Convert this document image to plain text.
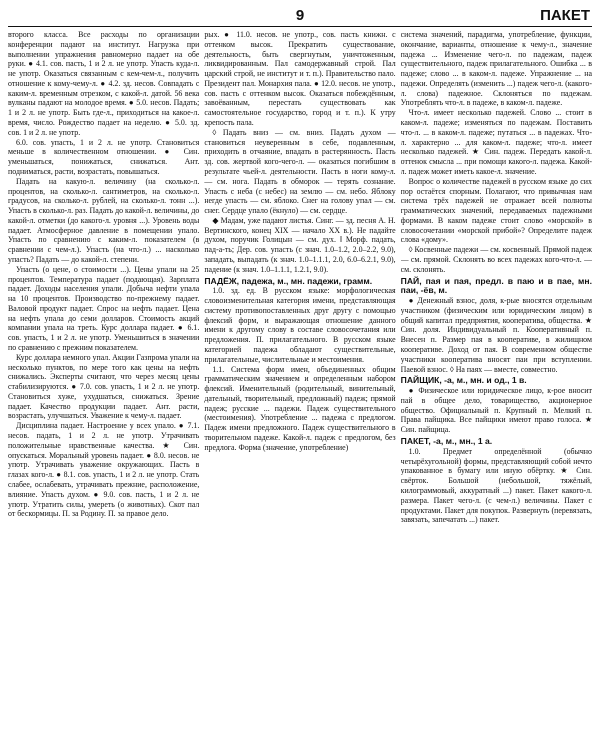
9	ПАКЕТ

второго класса. Все расходы по организации конференции падают на институт. Нагрузка при выполнении упражнения равномерно падает на обе руки. ● 4.1. сов. пасть, 1 и 2 л. не употр. Упасть куда-л. не употр. Оказаться связанным с кем-чем-л., получить отношение к кому-чему-л. ● 4.2. зд. несов. Совпадать с каким-л. временным отрезком, с какой-л. датой. 56 века вулканы падают на молодое время. ● 5.0. несов. Падать; 1 и 2 л. не употр. Быть где-л., приходиться на какое-л. время, число. Рождество падает на неделю. ● 5.0. зд. сов. 1 и 2 л. не употр.

6.0. сов. упасть, 1 и 2 л. не употр. Становиться меньше в количественном отношении. ● Син. уменьшаться, понижаться, снижаться. Ант. подниматься, расти, возрастать, повышаться.

Падать на какую-л. величину (на сколько-л. процентов, на сколько-л. сантиметров, на сколько-л. градусов, на сколько-л. рублей, на сколько-л. тонн ...). Упасть в сколько-л. раз. Падать до какой-л. величины, до какой-л. отметки (до какого-л. уровня ...). Уровень воды падает. Атмосферное давление в помещении упало. Упасть по сравнению с каким-л. показателем (в сравнении с чем-л.). Упасть (на что-л.) ... насколько упасть? Падать — до какой-л. степени.

Упасть (о цене, о стоимости ...). Цены упали на 25 процентов. Температура падает (подающая). Зарплата падает. Доходы населения упали. Добыча нефти упала на 10 процентов. Производство по-прежнему падает. Валовой продукт падает. Спрос на нефть падает. Цена на нефть упала до семи долларов. Стоимость акций компании упала на треть. Курс доллара падает. ● 6.1. сов. упасть, 1 и 2 л. не употр. Уменьшиться в значении по сравнению с прежним показателем.

Курс доллара немного упал. Акции Газпрома упали на несколько пунктов, по мере того как цены на нефть снижались. Эксперты считают, что через месяц цены стабилизируются. ● 7.0. сов. упасть, 1 и 2 л. не употр. Становиться хуже, ухудшаться, снижаться. Зрение падает. Качество продукции падает. Ант. расти, возрастать, улучшаться. Уважение к чему-л. падает.

Дисциплина падает. Настроение у всех упало. ● 7.1. несов. падать, 1 и 2 л. не употр. Утрачивать положительные нравственные качества. ★ Син. опускаться. Моральный уровень падает. ● 8.0. несов. не употр. Утрачивать уважение окружающих. Пасть в глазах кого-л. ● 8.1. сов. упасть, 1 и 2 л. не употр. Стать слабее, ослабевать, утрачивать прежние, расположение, влияние. Упасть духом. ● 9.0. сов. пасть, 1 и 2 л. не употр. Утратить силы, умереть (о животных). Скот пал от бескормицы. П. за Родину. П. за правое дело.

рых. ● 11.0. несов. не употр., сов. пасть книжн. с оттенком высок. Прекратить существование, деятельность, быть свергнутым, уничтоженным, ликвидированным. Пал самодержавный строй. Пал царский строй, не институт и т. п.). Правительство пало. Президент пал. Монархия пала. ● 12.0. несов. не употр., сов. пасть с оттенком высок. Оказаться побеждённым, завоёванным, перестать существовать как самостоятельное государство, город и т. п.). К утру крепость пала.

◊ Падать вниз — см. вниз. Падать духом — становиться неуверенным в себе, подавленным, приходить в отчаяние, впадать в растерянность. Пасть зд. сов. жертвой кого-чего-л. — оказаться погибшим в результате чьей-л. деятельности. Пасть в ноги кому-л. — см. нога. Падать в обморок — терять сознание. Упасть с неба (с небес) на землю — см. небо. Яблоку негде упасть — см. яблоко. Снег на голову упал — см. снег. Сердце упало (ёкнуло) — см. сердце.

◆ Мадам, уже падают листья. Синг. — зд. песня А. Н. Вертинского, конец XIX — начало XX в.). Не падайте духом, поручик Голицын — см. дух. ‖ Морф. падать, пад-а-ть; Дер. сов. упасть (с знач. 1.0–1.2, 2.0–2.2, 9.0), западать, выпадать (к знач. 1.0–1.1.1, 2.0, 6.0–6.2.1, 9.0), падение (к знач. 1.0–1.1.1, 1.2.1, 9.0).

ПАДЁЖ, падежа, м., мн. падежи, грамм.

1.0. зд. ед. В русском языке: морфологическая словоизменительная категория имени, представляющая систему противопоставленных друг другу с помощью флексий форм, и выражающая отношение данного имени к другому слову в составе словосочетания или предложения. П. прилагательного. В русском языке категорией падежа обладают существительные, прилагательные, числительные и местоимения.

1.1. Система форм имен, объединенных общим грамматическим значением и определенным набором флексий. Именительный (родительный, винительный, дательный, творительный, предложный) падеж; прямой падеж; русские ... падежи. Падеж существительного (местоимения). Употребление ... падежа с предлогом. Падеж имени предложного. Падеж существительного в творительном падеже. Какой-л. падеж с предлогом, без предлога. Форма (значение, употребление)

система значений, парадигма, употребление, функции, окончание, варианты, отношение к чему-л., значение падежа ... Изменение чего-л. по падежам, падеж существительного, падеж прилагательного. Ошибка ... в падеже; слово ... в каком-л. падеже. Упражнение ... на падежи. Определять (изменить ...) падеж чего-л. (какого-л. слова) падежное. Склоняться по падежам. Употреблять что-л. в падеже, в каком-л. падеже.

Что-л. имеет несколько падежей. Слово ... стоит в каком-л. падеже; изменяться по падежам. Поставить что-л. ... в каком-л. падеже; путаться ... в падежах. Что-л. характерно ... для каком-л. падеже; что-л. имеет несколько падежей. ★ Син. падеж. Передать какой-л. оттенок смысла ... при помощи какого-л. падежа. Какой-л. падеж может иметь какое-л. значение.

Вопрос о количестве падежей в русском языке до сих пор остаётся спорным. Полагают, что привычная нам система трёх падежей не отражает всей полноты грамматических значений, передаваемых падежными формами. В каком падеже стоит слово «морской» в словосочетании «морской прибой»? Определите падеж слова «дому».

◊ Косвенные падежи — см. косвенный. Прямой падеж — см. прямой. Склонять во всех падежах кого-что-л. — см. склонять.

ПАЙ, пая и пая, предл. в паю и в пае, мн. паи, -ёв, м.

● Денежный взнос, доля, к-рые вносятся отдельным участником (физическим или юридическим лицом) в общий капитал предприятия, кооператива, общества. ★ Син. доля. Индивидуальный п. Кооперативный п. Внесен п. Размер пая в кооперативе, в жилищном кооперативе. Доход от пая. В современном обществе участники кооператива вносят паи при вступлении. Паевой взнос. ◊ На паях — вместе, совместно.

ПАЙЩИК, -а, м., мн. и од., 1 в.

● Физическое или юридическое лицо, к-рое вносит пай в общее дело, товарищество, акционерное общество. Официальный п. Крупный п. Мелкий п. Права пайщика. Все пайщики имеют право голоса. ★ Син. пайщица.

ПАКЕТ, -а, м., мн., 1 а.

1.0. Предмет определённой (обычно четырёхугольной) формы, представляющий собой нечто упакованное в бумагу или иную обёртку. ★ Син. свёрток. Большой (небольшой, тяжёлый, килограммовый, аккуратный ...) пакет. Пакет какого-л. размера. Пакет чего-л. (с чем-л.) величины. Пакет с продуктами. Пакет для покупок. Развернуть (перевязать, завязать, запечатать ...) пакет.
